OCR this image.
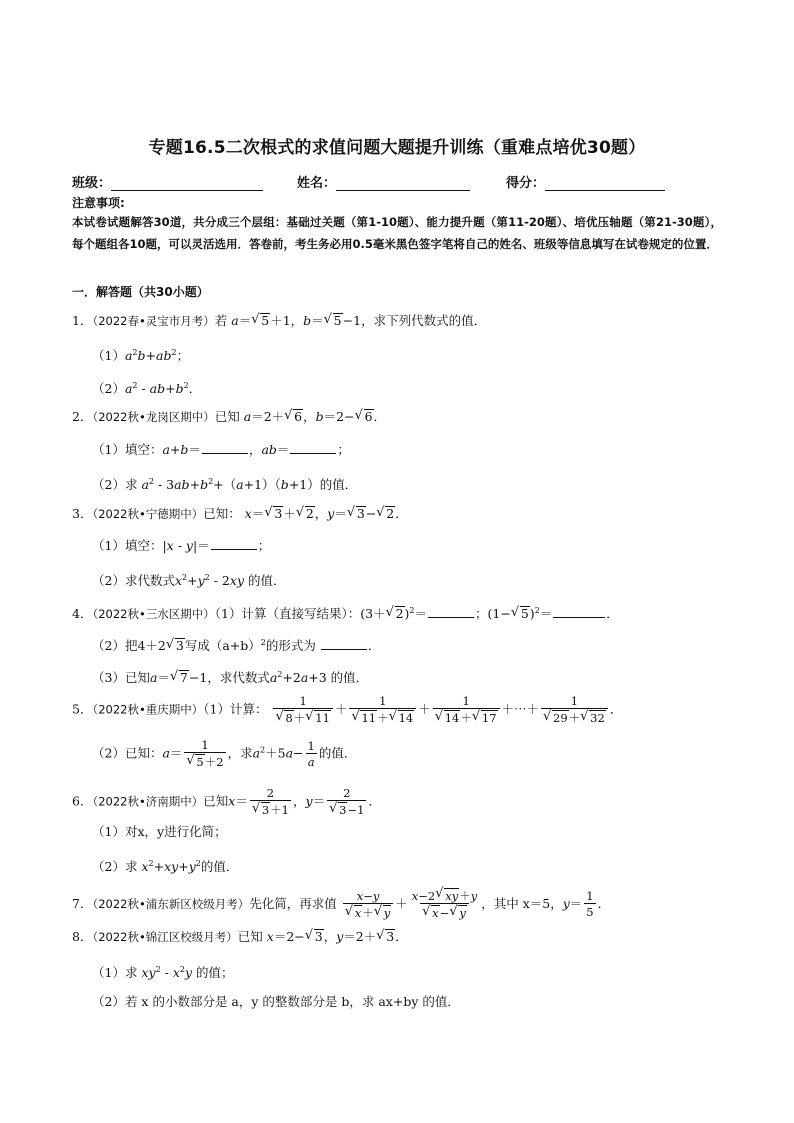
专题16.5二次根式的求值问题大题提升训练（重难点培优30题）
班级：	姓名：	得分：
注意事项:
本试卷试题解答30道，共分成三个层组：基础过关题（第1-10题）、能力提升题（第11-20题）、培优压轴题（第21-30题），每个题组各10题，可以灵活选用．答卷前，考生务必用0.5毫米黑色签字笔将自己的姓名、班级等信息填写在试卷规定的位置．
一．解答题（共30小题）
1．（2022春•灵宝市月考）若 a＝ √ 5＋1，b＝ √ 5−1，求下列代数式的值．
$(1)a^2b+ab^2$；
$(2)a^2 - ab+b^2$．
2．（2022秋•龙岗区期中）已知 a＝2＋ √ 6，b＝2− √ 6．
（1）填空：a+b＝	，ab＝	；
（2）求 $a^2 - 3ab+b^2+(a+1)(b+1)$的值．
3．（2022秋•宁德期中）已知： x＝ √ 3＋ √ 2，y＝ √ 3− √ 2．
（1）填空：|x - y|＝	；
（2）求代数式$x^2+y^2 - 2xy$ 的值．
4．（2022秋•三水区期中）（1）计算（直接写结果）：(3＋ √ 2)$^2$＝	；(1− √ 5)$^2$＝	．
（2）把4＋2 √ 3写成$(a+b)^2$的形式为	．
（3）已知a＝ √ 7−1，求代数式$a^2+2a+3$ 的值．
5．（2022秋•重庆期中）（1）计算： 1
√ 8＋ √ 11 ＋ 1
√ 11＋ √ 14 ＋ 1
√ 14＋ √ 17 ＋⋯＋ 1
√ 29＋ √ 32 ．
（2）已知：a＝ 1
√ 5＋2 ，求$a^2+5a- \frac{1}{a}$ 的值．
6．（2022秋•济南期中）已知x＝ 2
√ 3＋1 ，y＝ 2
√ 3−1 ．
（1）对x，y进行化简；
（2）求 $x^2+xy+y^2$的值．
7．（2022秋•浦东新区校级月考）先化简，再求值 x−y
√ x＋ √ y ＋ x−2 √ xy＋y
√ x− √ y ，其中 x＝5，$y= \frac{1}{5}$ ．
8．（2022秋•锦江区校级月考）已知 x＝2− √ 3，y＝2＋ √ 3．
（1）求 $xy^2 - x^2y$ 的值；
（2）若 x 的小数部分是 a，y 的整数部分是 b，求 ax+by 的值．
